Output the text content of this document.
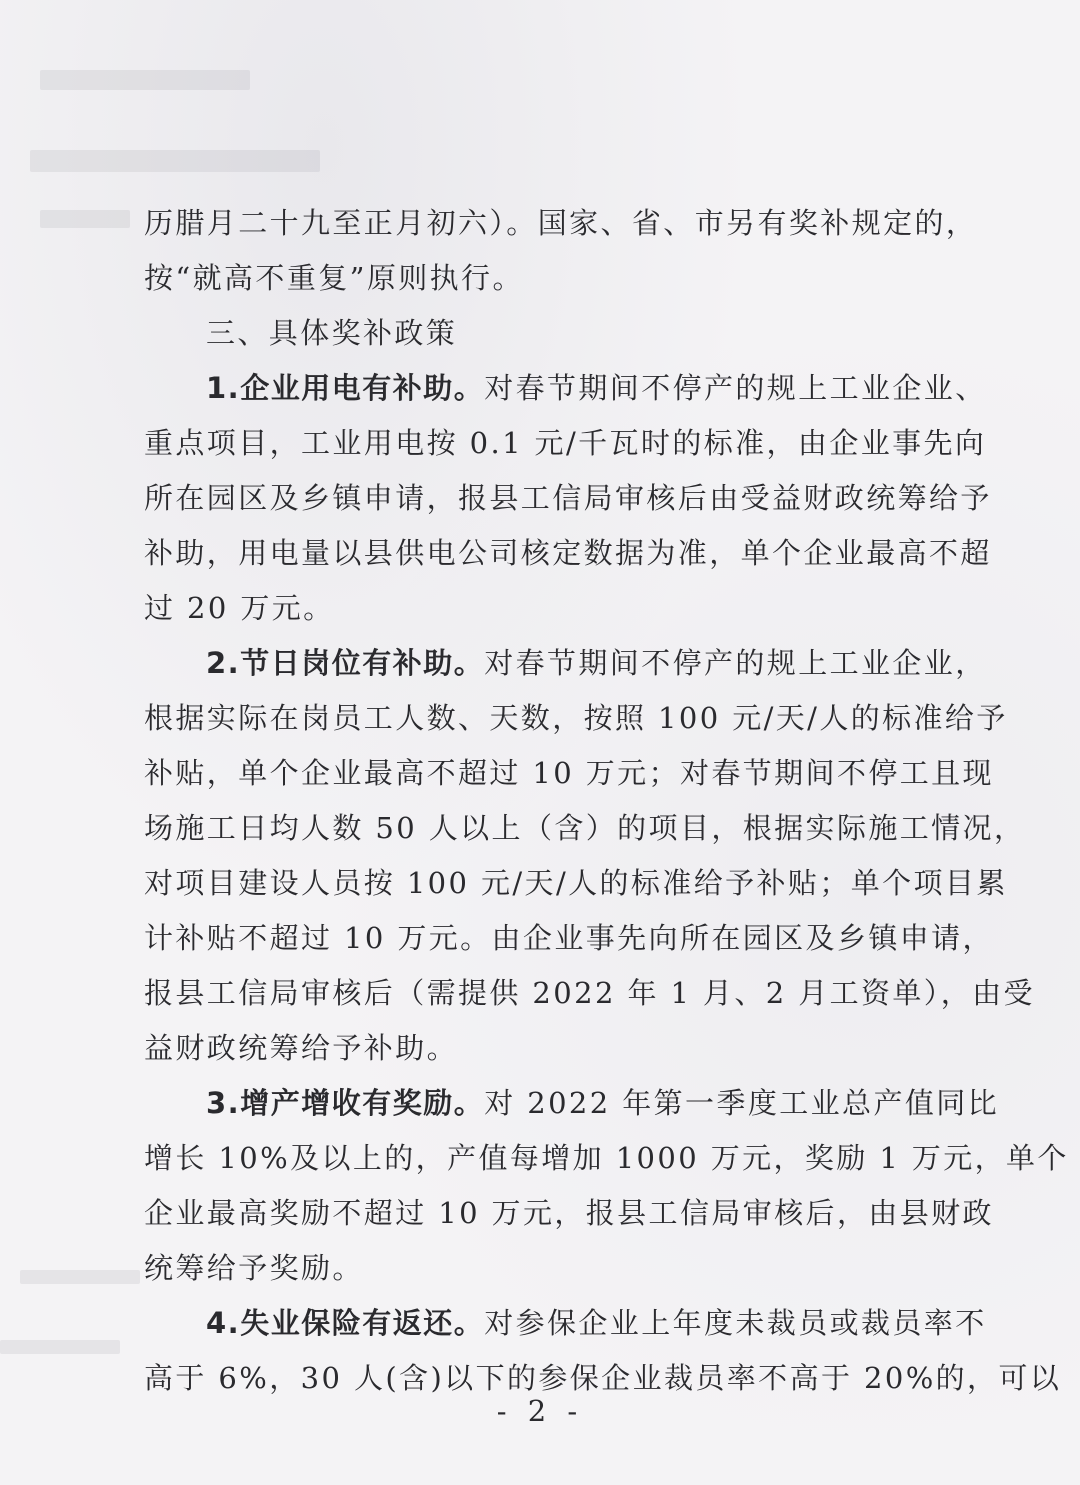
历腊月二十九至正月初六）。国家、省、市另有奖补规定的，
按“就高不重复”原则执行。
三、具体奖补政策
1.企业用电有补助。对春节期间不停产的规上工业企业、
重点项目，工业用电按 0.1 元/千瓦时的标准，由企业事先向
所在园区及乡镇申请，报县工信局审核后由受益财政统筹给予
补助，用电量以县供电公司核定数据为准，单个企业最高不超
过 20 万元。
2.节日岗位有补助。对春节期间不停产的规上工业企业，
根据实际在岗员工人数、天数，按照 100 元/天/人的标准给予
补贴，单个企业最高不超过 10 万元；对春节期间不停工且现
场施工日均人数 50 人以上（含）的项目，根据实际施工情况，
对项目建设人员按 100 元/天/人的标准给予补贴；单个项目累
计补贴不超过 10 万元。由企业事先向所在园区及乡镇申请，
报县工信局审核后（需提供 2022 年 1 月、2 月工资单），由受
益财政统筹给予补助。
3.增产增收有奖励。对 2022 年第一季度工业总产值同比
增长 10%及以上的，产值每增加 1000 万元，奖励 1 万元，单个
企业最高奖励不超过 10 万元，报县工信局审核后，由县财政
统筹给予奖励。
4.失业保险有返还。对参保企业上年度未裁员或裁员率不
高于 6%，30 人(含)以下的参保企业裁员率不高于 20%的，可以
- 2 -
